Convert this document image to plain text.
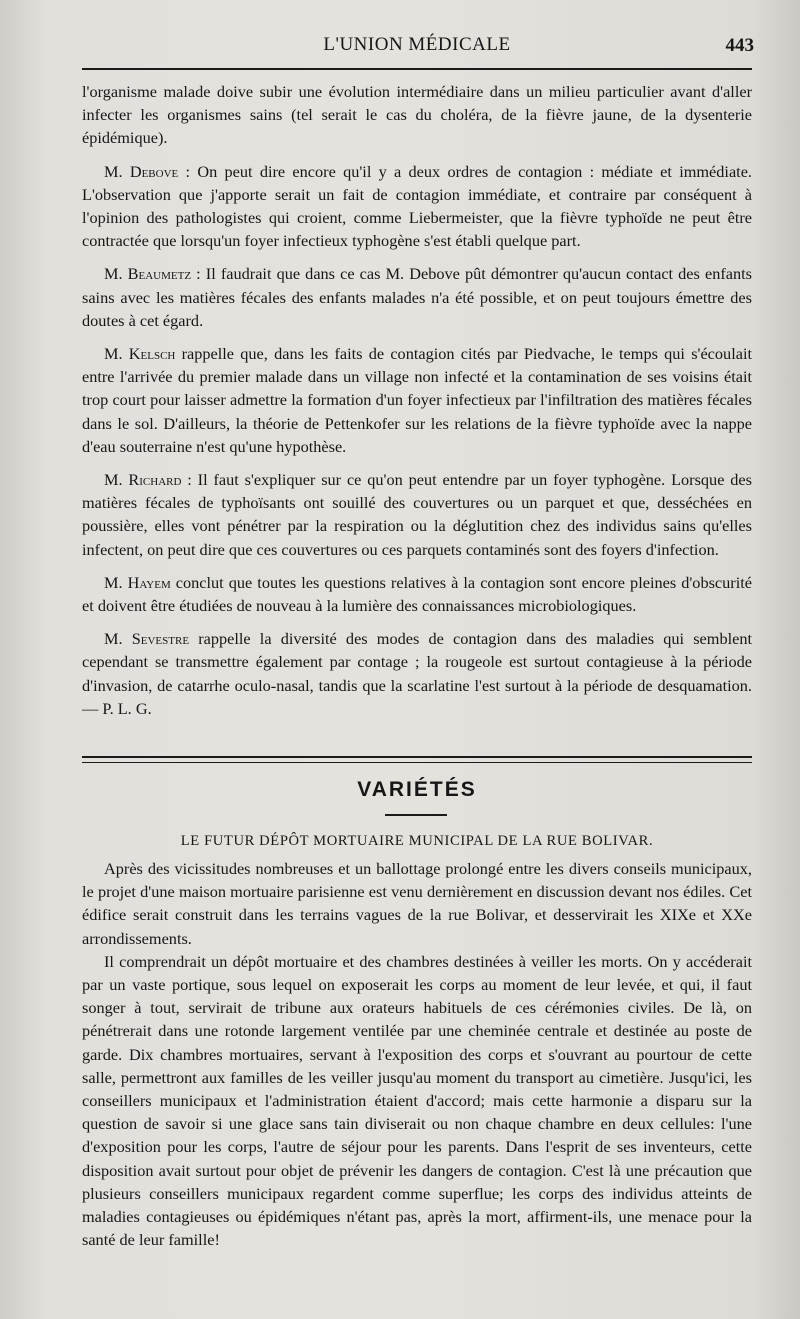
L'UNION MÉDICALE	443

l'organisme malade doive subir une évolution intermédiaire dans un milieu particulier avant d'aller infecter les organismes sains (tel serait le cas du choléra, de la fièvre jaune, de la dysenterie épidémique).

M. Debove : On peut dire encore qu'il y a deux ordres de contagion : médiate et immédiate. L'observation que j'apporte serait un fait de contagion immédiate, et contraire par conséquent à l'opinion des pathologistes qui croient, comme Liebermeister, que la fièvre typhoïde ne peut être contractée que lorsqu'un foyer infectieux typhogène s'est établi quelque part.

M. Beaumetz : Il faudrait que dans ce cas M. Debove pût démontrer qu'aucun contact des enfants sains avec les matières fécales des enfants malades n'a été possible, et on peut toujours émettre des doutes à cet égard.

M. Kelsch rappelle que, dans les faits de contagion cités par Piedvache, le temps qui s'écoulait entre l'arrivée du premier malade dans un village non infecté et la contamination de ses voisins était trop court pour laisser admettre la formation d'un foyer infectieux par l'infiltration des matières fécales dans le sol. D'ailleurs, la théorie de Pettenkofer sur les relations de la fièvre typhoïde avec la nappe d'eau souterraine n'est qu'une hypothèse.

M. Richard : Il faut s'expliquer sur ce qu'on peut entendre par un foyer typhogène. Lorsque des matières fécales de typhoïsants ont souillé des couvertures ou un parquet et que, desséchées en poussière, elles vont pénétrer par la respiration ou la déglutition chez des individus sains qu'elles infectent, on peut dire que ces couvertures ou ces parquets contaminés sont des foyers d'infection.

M. Hayem conclut que toutes les questions relatives à la contagion sont encore pleines d'obscurité et doivent être étudiées de nouveau à la lumière des connaissances microbiologiques.

M. Sevestre rappelle la diversité des modes de contagion dans des maladies qui semblent cependant se transmettre également par contage ; la rougeole est surtout contagieuse à la période d'invasion, de catarrhe oculo-nasal, tandis que la scarlatine l'est surtout à la période de desquamation. — P. L. G.

VARIÉTÉS
LE FUTUR DÉPÔT MORTUAIRE MUNICIPAL DE LA RUE BOLIVAR.

Après des vicissitudes nombreuses et un ballottage prolongé entre les divers conseils municipaux, le projet d'une maison mortuaire parisienne est venu dernièrement en discussion devant nos édiles. Cet édifice serait construit dans les terrains vagues de la rue Bolivar, et desservirait les XIXe et XXe arrondissements.

Il comprendrait un dépôt mortuaire et des chambres destinées à veiller les morts. On y accéderait par un vaste portique, sous lequel on exposerait les corps au moment de leur levée, et qui, il faut songer à tout, servirait de tribune aux orateurs habituels de ces cérémonies civiles. De là, on pénétrerait dans une rotonde largement ventilée par une cheminée centrale et destinée au poste de garde. Dix chambres mortuaires, servant à l'exposition des corps et s'ouvrant au pourtour de cette salle, permettront aux familles de les veiller jusqu'au moment du transport au cimetière. Jusqu'ici, les conseillers municipaux et l'administration étaient d'accord; mais cette harmonie a disparu sur la question de savoir si une glace sans tain diviserait ou non chaque chambre en deux cellules: l'une d'exposition pour les corps, l'autre de séjour pour les parents. Dans l'esprit de ses inventeurs, cette disposition avait surtout pour objet de prévenir les dangers de contagion. C'est là une précaution que plusieurs conseillers municipaux regardent comme superflue; les corps des individus atteints de maladies contagieuses ou épidémiques n'étant pas, après la mort, affirment-ils, une menace pour la santé de leur famille!
